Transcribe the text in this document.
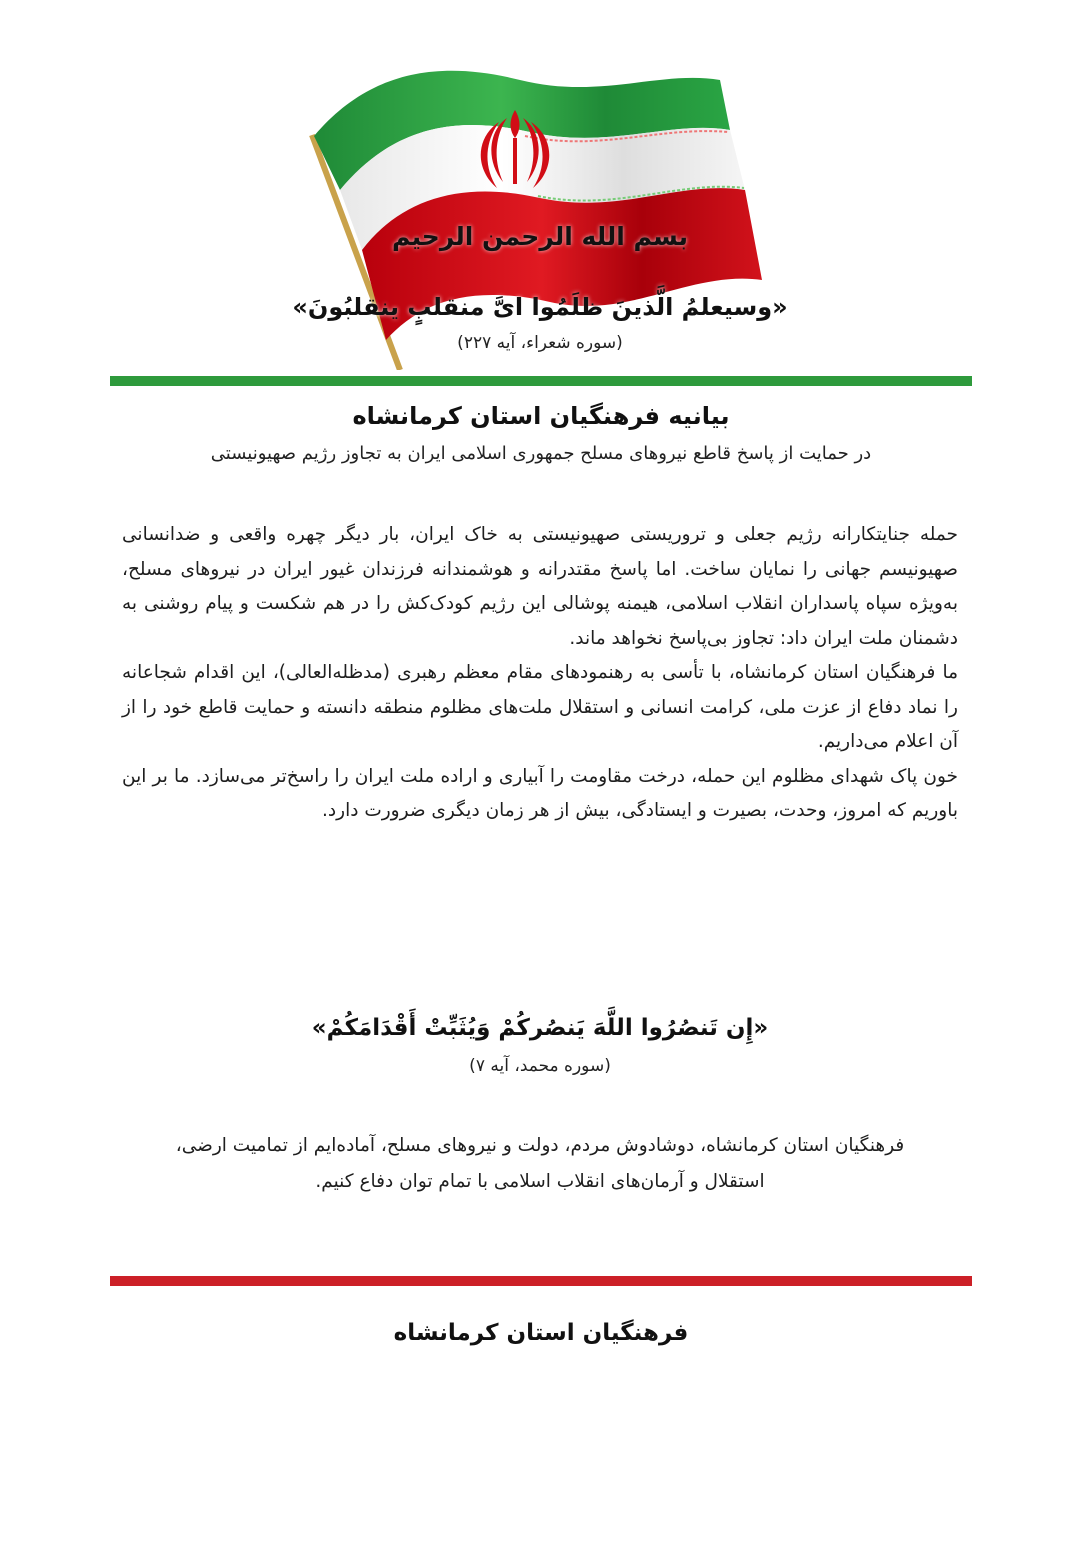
بسم الله الرحمن الرحیم
«وسیعلمُ الَّذینَ ظلَمُوا ایَّ منقلبٍ ینقلبُونَ»
(سوره شعراء، آیه ۲۲۷)
بیانیه فرهنگیان استان کرمانشاه
در حمایت از پاسخ قاطع نیروهای مسلح جمهوری اسلامی ایران به تجاوز رژیم صهیونیستی

حمله جنایتکارانه رژیم جعلی و تروریستی صهیونیستی به خاک ایران، بار دیگر چهره واقعی و ضدانسانی صهیونیسم جهانی را نمایان ساخت. اما پاسخ مقتدرانه و هوشمندانه فرزندان غیور ایران در نیروهای مسلح، به‌ویژه سپاه پاسداران انقلاب اسلامی، هیمنه پوشالی این رژیم کودک‌کش را در هم شکست و پیام روشنی به دشمنان ملت ایران داد: تجاوز بی‌پاسخ نخواهد ماند.

ما فرهنگیان استان کرمانشاه، با تأسی به رهنمودهای مقام معظم رهبری (مدظله‌العالی)، این اقدام شجاعانه را نماد دفاع از عزت ملی، کرامت انسانی و استقلال ملت‌های مظلوم منطقه دانسته و حمایت قاطع خود را از آن اعلام می‌داریم.

خون پاک شهدای مظلوم این حمله، درخت مقاومت را آبیاری و اراده ملت ایران را راسخ‌تر می‌سازد. ما بر این باوریم که امروز، وحدت، بصیرت و ایستادگی، بیش از هر زمان دیگری ضرورت دارد.

«إِن تَنصُرُوا اللَّهَ یَنصُرکُمْ وَیُثَبِّتْ أَقْدَامَکُمْ»
(سوره محمد، آیه ۷)
فرهنگیان استان کرمانشاه، دوشادوش مردم، دولت و نیروهای مسلح، آماده‌ایم از تمامیت ارضی، استقلال و آرمان‌های انقلاب اسلامی با تمام توان دفاع کنیم.
فرهنگیان استان کرمانشاه
